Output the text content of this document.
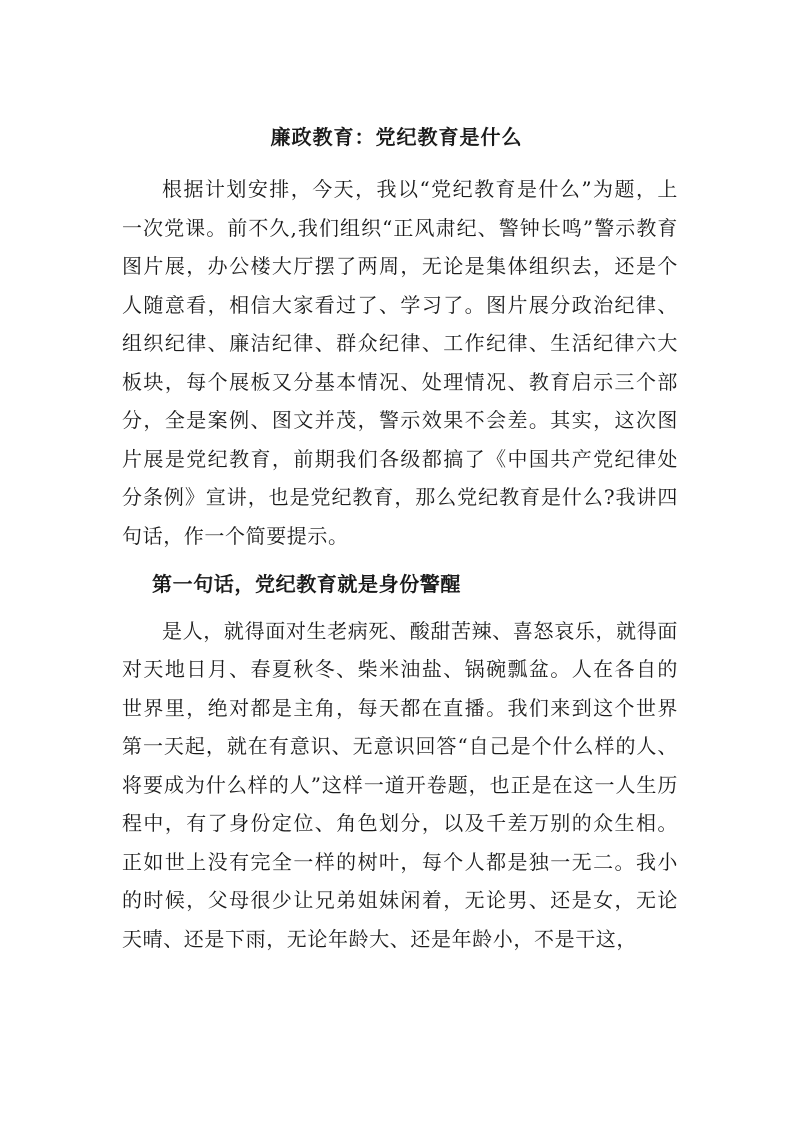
廉政教育：党纪教育是什么

根据计划安排，今天，我以“党纪教育是什么”为题，上一次党课。前不久,我们组织“正风肃纪、警钟长鸣”警示教育图片展，办公楼大厅摆了两周，无论是集体组织去，还是个人随意看，相信大家看过了、学习了。图片展分政治纪律、组织纪律、廉洁纪律、群众纪律、工作纪律、生活纪律六大板块，每个展板又分基本情况、处理情况、教育启示三个部分，全是案例、图文并茂，警示效果不会差。其实，这次图片展是党纪教育，前期我们各级都搞了《中国共产党纪律处分条例》宣讲，也是党纪教育，那么党纪教育是什么?我讲四句话，作一个简要提示。

第一句话，党纪教育就是身份警醒

是人，就得面对生老病死、酸甜苦辣、喜怒哀乐，就得面对天地日月、春夏秋冬、柴米油盐、锅碗瓢盆。人在各自的世界里，绝对都是主角，每天都在直播。我们来到这个世界第一天起，就在有意识、无意识回答“自己是个什么样的人、将要成为什么样的人”这样一道开卷题，也正是在这一人生历程中，有了身份定位、角色划分，以及千差万别的众生相。正如世上没有完全一样的树叶，每个人都是独一无二。我小的时候，父母很少让兄弟姐妹闲着，无论男、还是女，无论天晴、还是下雨，无论年龄大、还是年龄小，不是干这，
